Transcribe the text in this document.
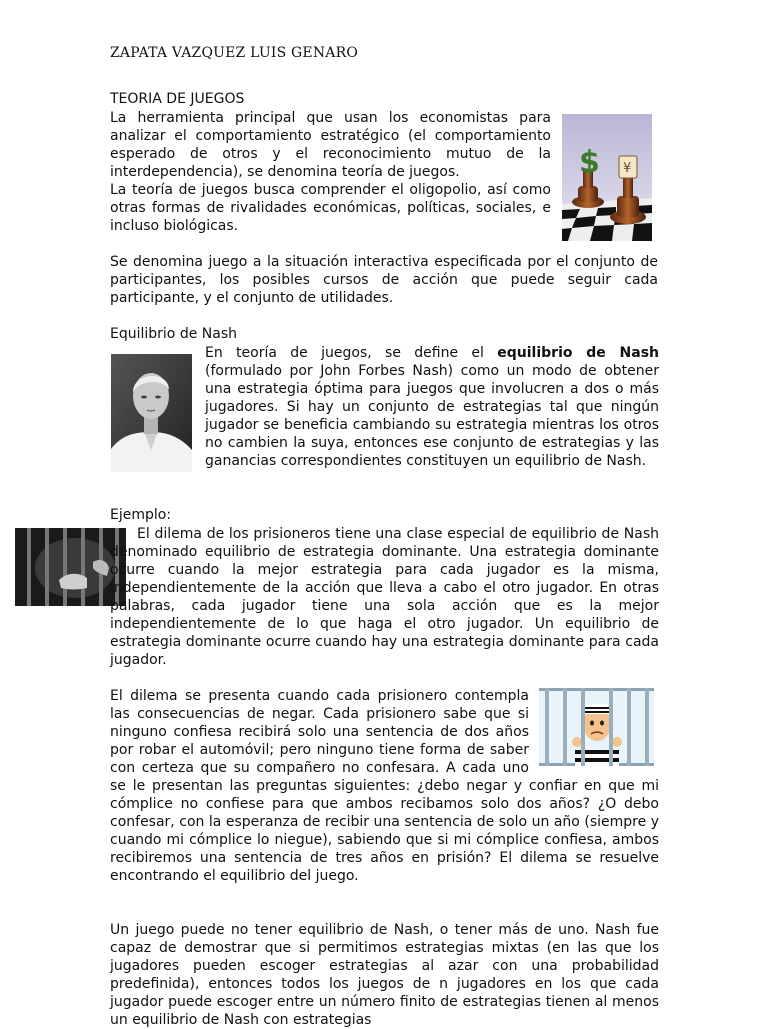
ZAPATA VAZQUEZ LUIS GENARO
TEORIA DE JUEGOS
$ ¥

La herramienta principal que usan los economistas para analizar el comportamiento estratégico (el comportamiento esperado de otros y el reconocimiento mutuo de la interdependencia), se denomina teoría de juegos.

La teoría de juegos busca comprender el oligopolio, así como otras formas de rivalidades económicas, políticas, sociales, e incluso biológicas.

Se denomina juego a la situación interactiva especificada por el conjunto de participantes, los posibles cursos de acción que puede seguir cada participante, y el conjunto de utilidades.

Equilibrio de Nash

En teoría de juegos, se define el equilibrio de Nash (formulado por John Forbes Nash) como un modo de obtener una estrategia óptima para juegos que involucren a dos o más jugadores. Si hay un conjunto de estrategias tal que ningún jugador se beneficia cambiando su estrategia mientras los otros no cambien la suya, entonces ese conjunto de estrategias y las ganancias correspondientes constituyen un equilibrio de Nash.

Ejemplo:

El dilema de los prisioneros tiene una clase especial de equilibrio de Nash denominado equilibrio de estrategia dominante. Una estrategia dominante ocurre cuando la mejor estrategia para cada jugador es la misma, independientemente de la acción que lleva a cabo el otro jugador. En otras palabras, cada jugador tiene una sola acción que es la mejor independientemente de lo que haga el otro jugador. Un equilibrio de estrategia dominante ocurre cuando hay una estrategia dominante para cada jugador.

El dilema se presenta cuando cada prisionero contempla las consecuencias de negar. Cada prisionero sabe que si ninguno confiesa recibirá solo una sentencia de dos años por robar el automóvil; pero ninguno tiene forma de saber con certeza que su compañero no confesara. A cada uno se le presentan las preguntas siguientes: ¿debo negar y confiar en que mi cómplice no confiese para que ambos recibamos solo dos años? ¿O debo confesar, con la esperanza de recibir una sentencia de solo un año (siempre y cuando mi cómplice lo niegue), sabiendo que si mi cómplice confiesa, ambos recibiremos una sentencia de tres años en prisión? El dilema se resuelve encontrando el equilibrio del juego.

Un juego puede no tener equilibrio de Nash, o tener más de uno. Nash fue capaz de demostrar que si permitimos estrategias mixtas (en las que los jugadores pueden escoger estrategias al azar con una probabilidad predefinida), entonces todos los juegos de n jugadores en los que cada jugador puede escoger entre un número finito de estrategias tienen al menos un equilibrio de Nash con estrategias
